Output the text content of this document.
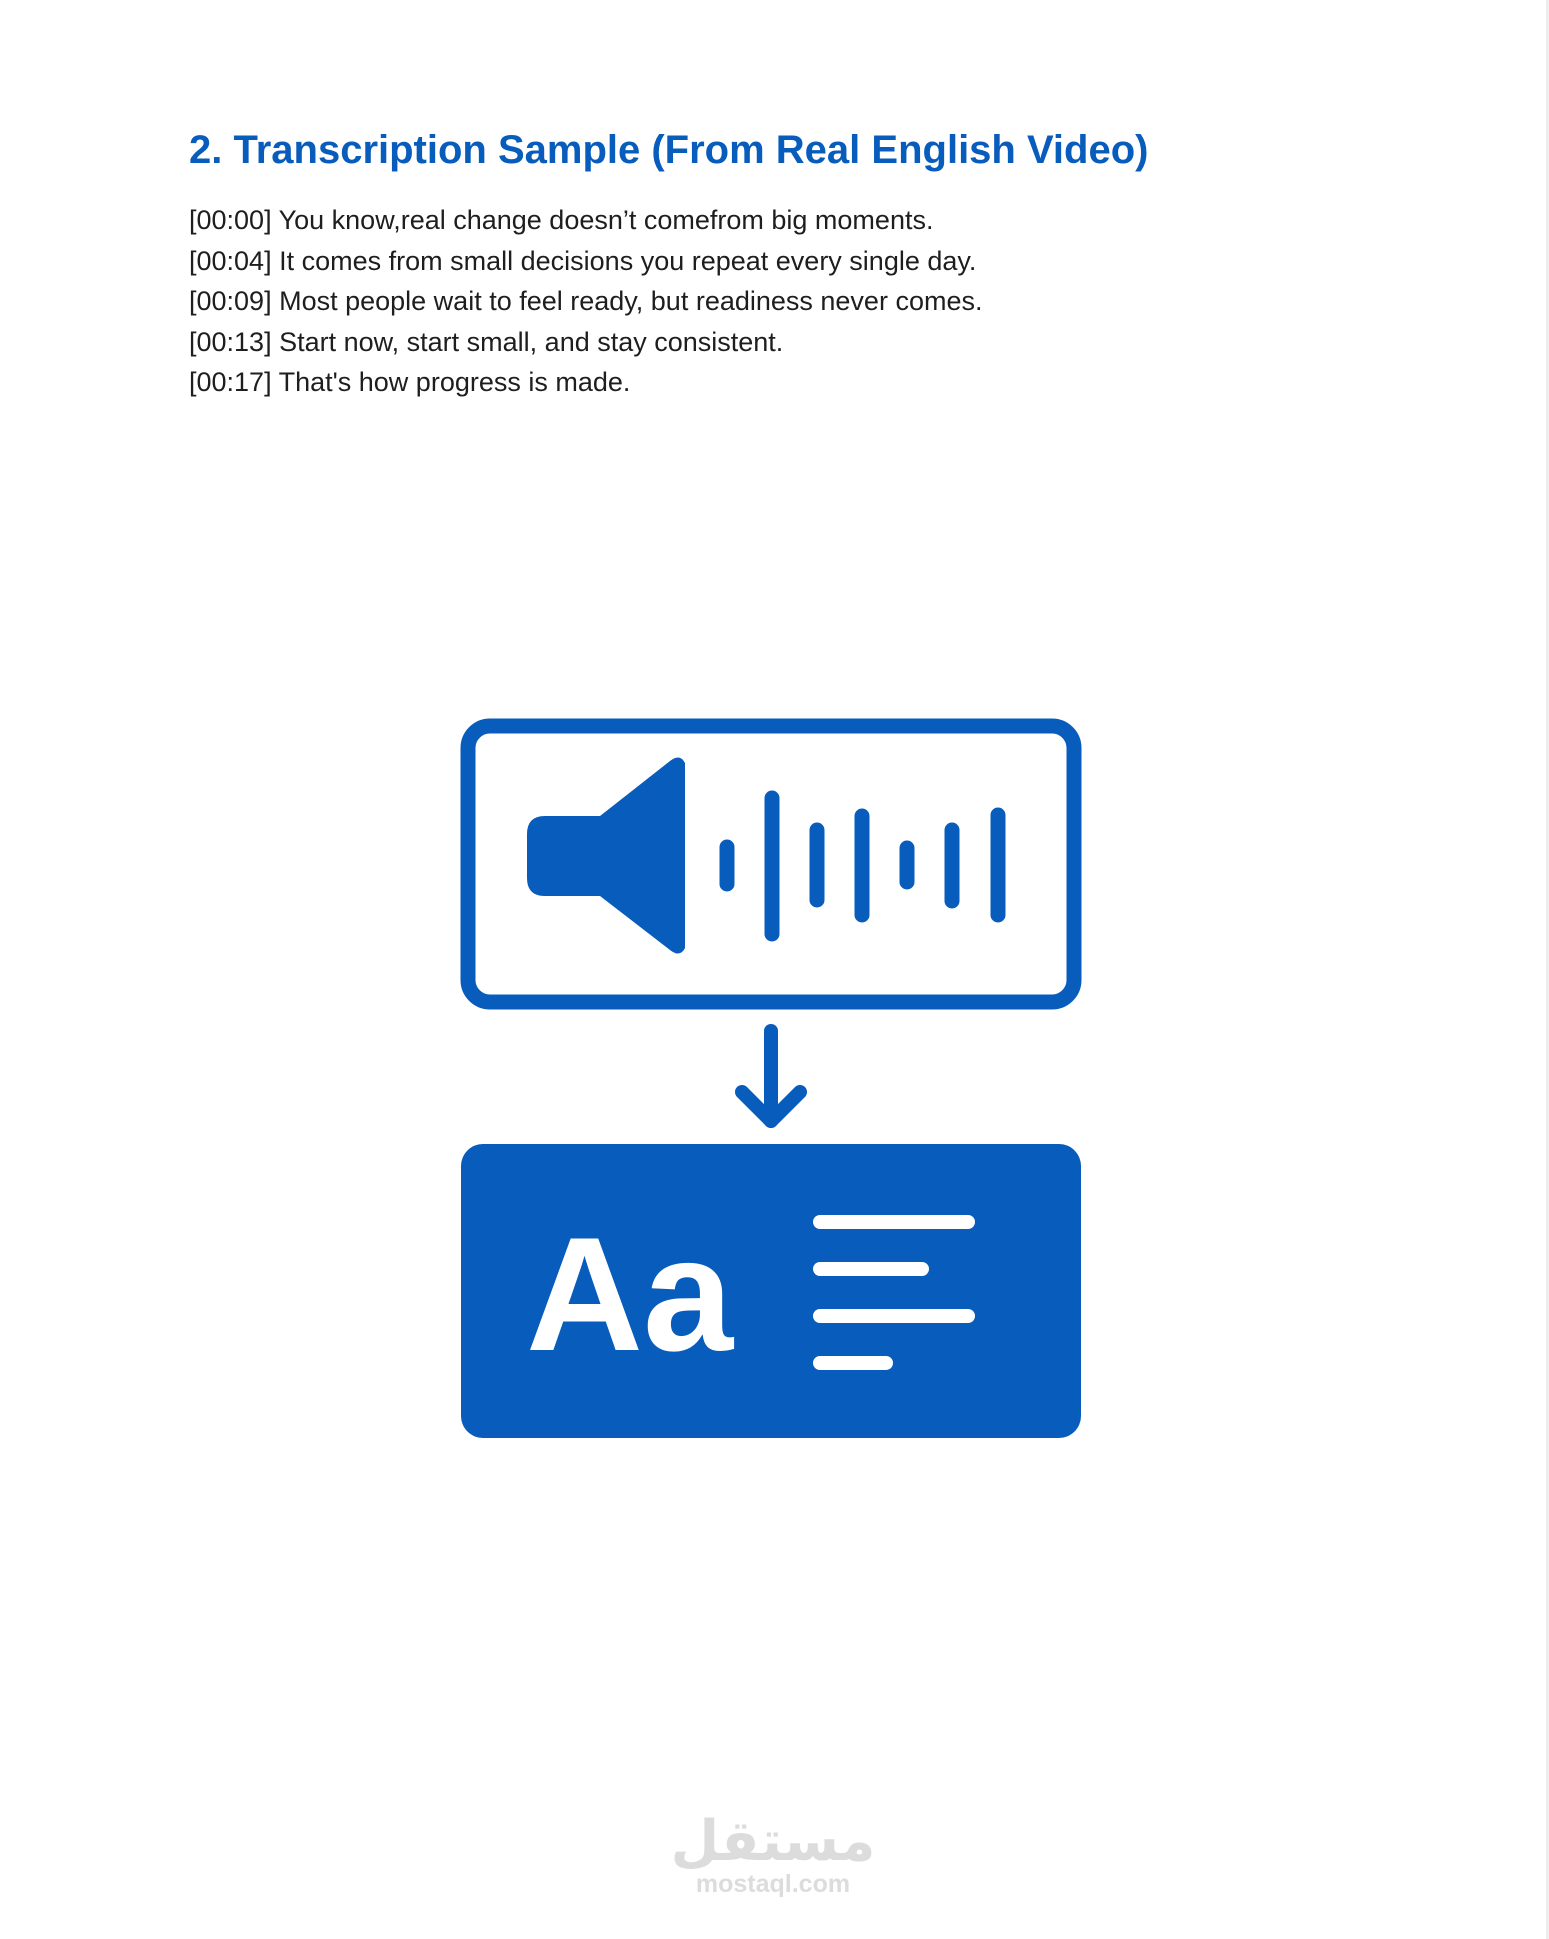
2. Transcription Sample (From Real English Video)
[00:00] You know,real change doesn’t comefrom big moments.
[00:04] It comes from small decisions you repeat every single day.
[00:09] Most people wait to feel ready, but readiness never comes.
[00:13] Start now, start small, and stay consistent.
[00:17] That's how progress is made.
Aa
مستقل
mostaql.com
